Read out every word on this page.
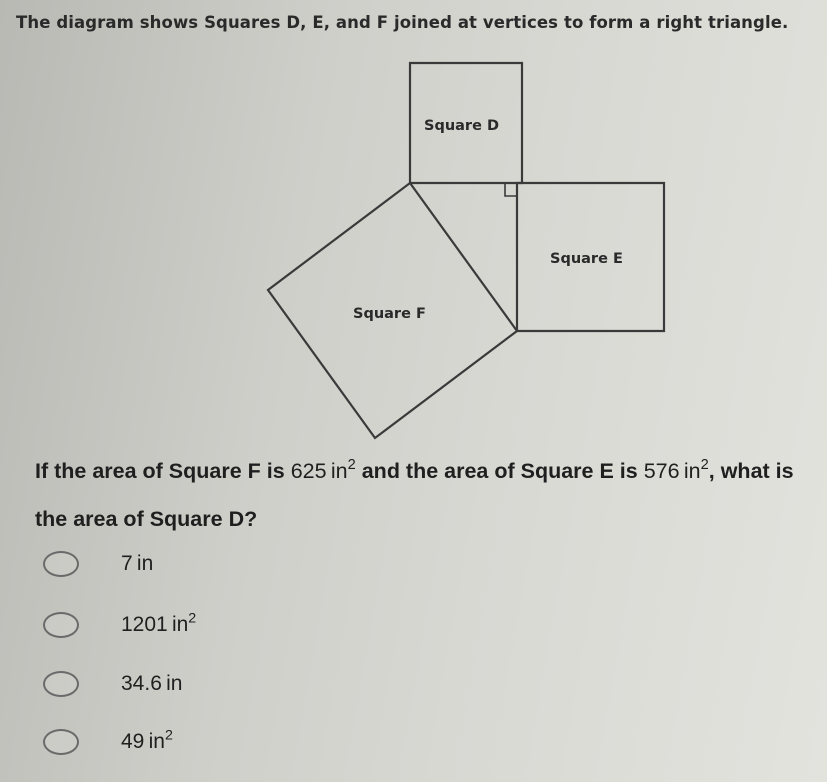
The diagram shows Squares D, E, and F joined at vertices to form a right triangle.
Square D
Square E
Square F
If the area of Square F is 625  $in^2$ and the area of Square E is 576  $in^2$, what is the area of Square D?
7  in
1201  $in^2$
34.6  in
49  $in^2$
